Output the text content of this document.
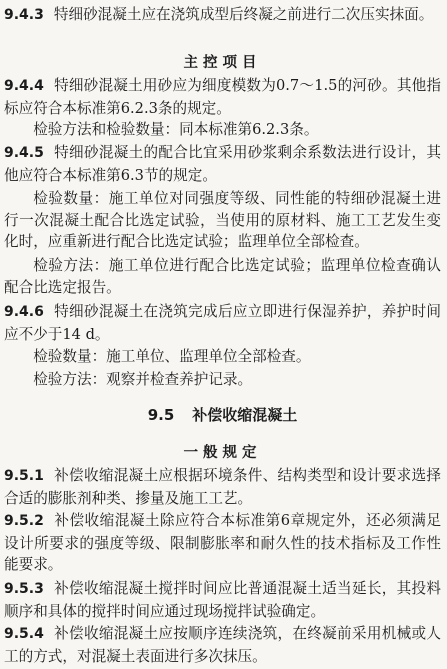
9.4.3 特细砂混凝土应在浇筑成型后终凝之前进行二次压实抹面。

主控项目

9.4.4 特细砂混凝土用砂应为细度模数为0.7～1.5的河砂。其他指标应符合本标准第6.2.3条的规定。

检验方法和检验数量：同本标准第6.2.3条。

9.4.5 特细砂混凝土的配合比宜采用砂浆剩余系数法进行设计，其他应符合本标准第6.3节的规定。

检验数量：施工单位对同强度等级、同性能的特细砂混凝土进行一次混凝土配合比选定试验，当使用的原材料、施工工艺发生变化时，应重新进行配合比选定试验；监理单位全部检查。

检验方法：施工单位进行配合比选定试验；监理单位检查确认配合比选定报告。

9.4.6 特细砂混凝土在浇筑完成后应立即进行保湿养护，养护时间应不少于14 d。

检验数量：施工单位、监理单位全部检查。

检验方法：观察并检查养护记录。

9.5 补偿收缩混凝土

一般规定

9.5.1 补偿收缩混凝土应根据环境条件、结构类型和设计要求选择合适的膨胀剂种类、掺量及施工工艺。

9.5.2 补偿收缩混凝土除应符合本标准第6章规定外，还必须满足设计所要求的强度等级、限制膨胀率和耐久性的技术指标及工作性能要求。

9.5.3 补偿收缩混凝土搅拌时间应比普通混凝土适当延长，其投料顺序和具体的搅拌时间应通过现场搅拌试验确定。

9.5.4 补偿收缩混凝土应按顺序连续浇筑，在终凝前采用机械或人工的方式，对混凝土表面进行多次抹压。
